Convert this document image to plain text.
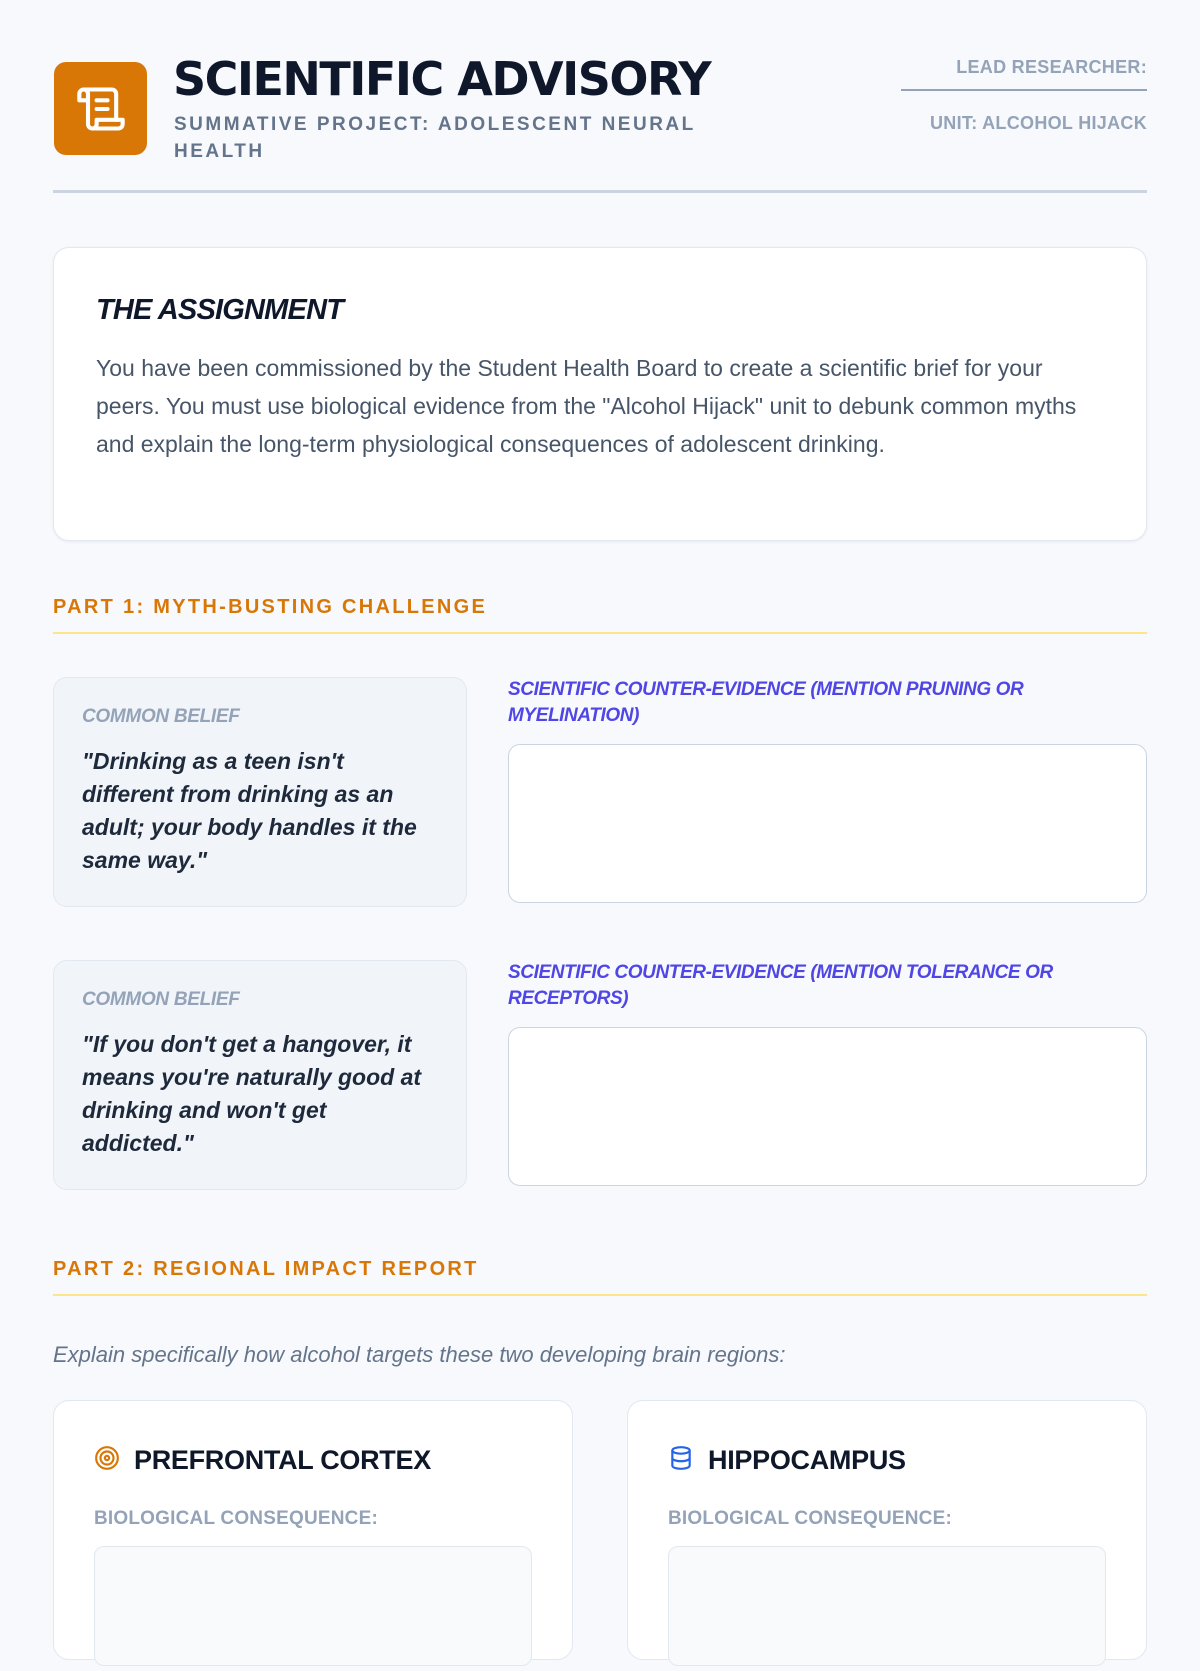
SCIENTIFIC ADVISORY
SUMMATIVE PROJECT: ADOLESCENT NEURAL HEALTH
LEAD RESEARCHER:
UNIT: ALCOHOL HIJACK
THE ASSIGNMENT

You have been commissioned by the Student Health Board to create a scientific brief for your peers. You must use biological evidence from the "Alcohol Hijack" unit to debunk common myths and explain the long-term physiological consequences of adolescent drinking.

PART 1: MYTH-BUSTING CHALLENGE
COMMON BELIEF
"Drinking as a teen isn't different from drinking as an adult; your body handles it the same way."
SCIENTIFIC COUNTER-EVIDENCE (MENTION PRUNING OR MYELINATION)
COMMON BELIEF
"If you don't get a hangover, it means you're naturally good at drinking and won't get addicted."
SCIENTIFIC COUNTER-EVIDENCE (MENTION TOLERANCE OR RECEPTORS)
PART 2: REGIONAL IMPACT REPORT
Explain specifically how alcohol targets these two developing brain regions:
PREFRONTAL CORTEX
BIOLOGICAL CONSEQUENCE:
HIPPOCAMPUS
BIOLOGICAL CONSEQUENCE:
